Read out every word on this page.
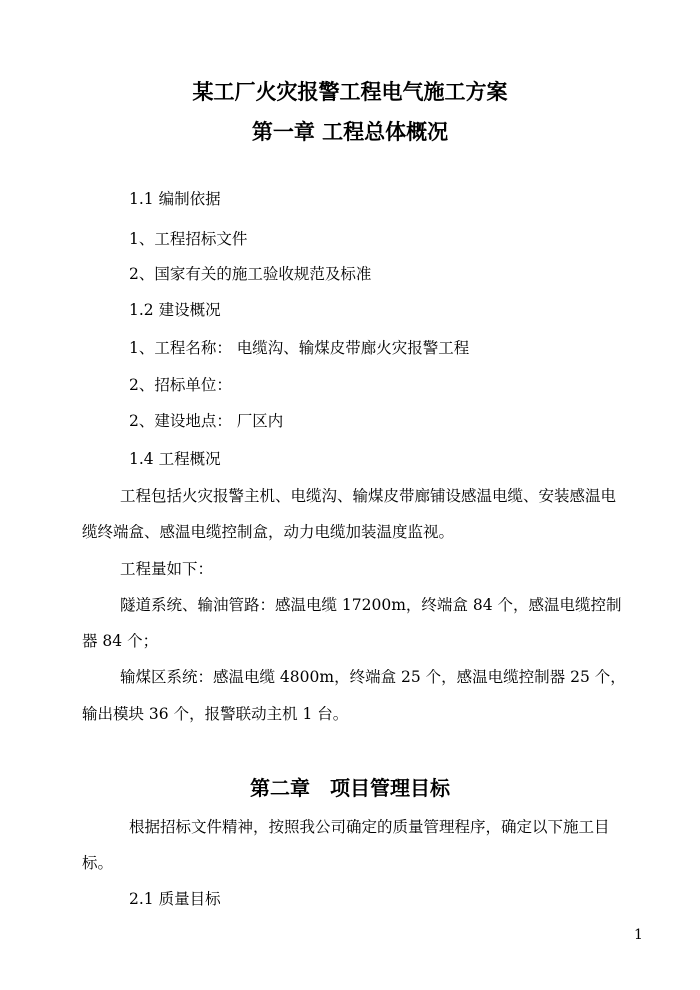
某工厂火灾报警工程电气施工方案
第一章 工程总体概况
1.1 编制依据
1、工程招标文件
2、国家有关的施工验收规范及标准
1.2 建设概况
1、工程名称： 电缆沟、输煤皮带廊火灾报警工程
2、招标单位：
2、建设地点： 厂区内
1.4 工程概况
工程包括火灾报警主机、电缆沟、输煤皮带廊铺设感温电缆、安装感温电
缆终端盒、感温电缆控制盒，动力电缆加装温度监视。
工程量如下：
隧道系统、输油管路：感温电缆 17200m，终端盒 84 个，感温电缆控制
器 84 个；
输煤区系统：感温电缆 4800m，终端盒 25 个，感温电缆控制器 25 个，
输出模块 36 个，报警联动主机 1 台。
第二章　项目管理目标
根据招标文件精神，按照我公司确定的质量管理程序，确定以下施工目
标。
2.1 质量目标
1
